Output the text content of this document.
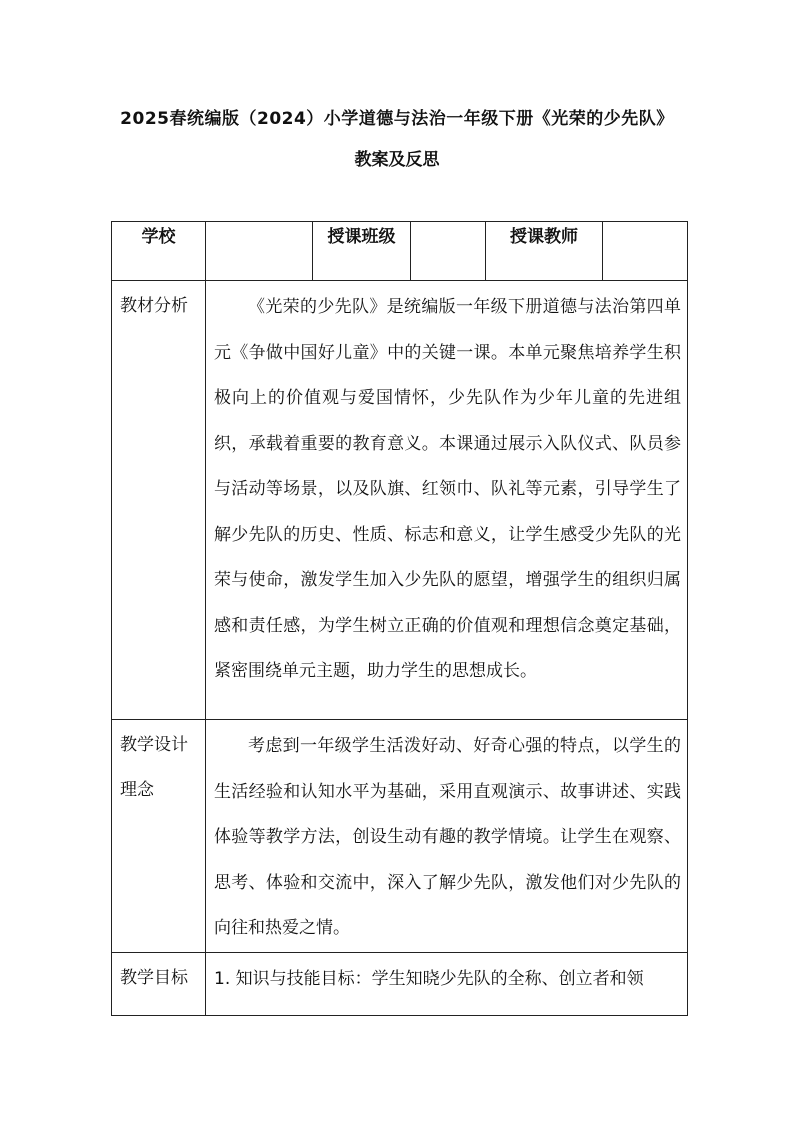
2025春统编版（2024）小学道德与法治一年级下册《光荣的少先队》
教案及反思
学校		授课班级		授课教师	
教材分析	《光荣的少先队》是统编版一年级下册道德与法治第四单元《争做中国好儿童》中的关键一课。本单元聚焦培养学生积极向上的价值观与爱国情怀，少先队作为少年儿童的先进组织，承载着重要的教育意义。本课通过展示入队仪式、队员参与活动等场景，以及队旗、红领巾、队礼等元素，引导学生了解少先队的历史、性质、标志和意义，让学生感受少先队的光荣与使命，激发学生加入少先队的愿望，增强学生的组织归属感和责任感，为学生树立正确的价值观和理想信念奠定基础，紧密围绕单元主题，助力学生的思想成长。				

教学设计理念	考虑到一年级学生活泼好动、好奇心强的特点，以学生的生活经验和认知水平为基础，采用直观演示、故事讲述、实践体验等教学方法，创设生动有趣的教学情境。让学生在观察、思考、体验和交流中，深入了解少先队，激发他们对少先队的向往和热爱之情。				

教学目标	1. 知识与技能目标：学生知晓少先队的全称、创立者和领				
